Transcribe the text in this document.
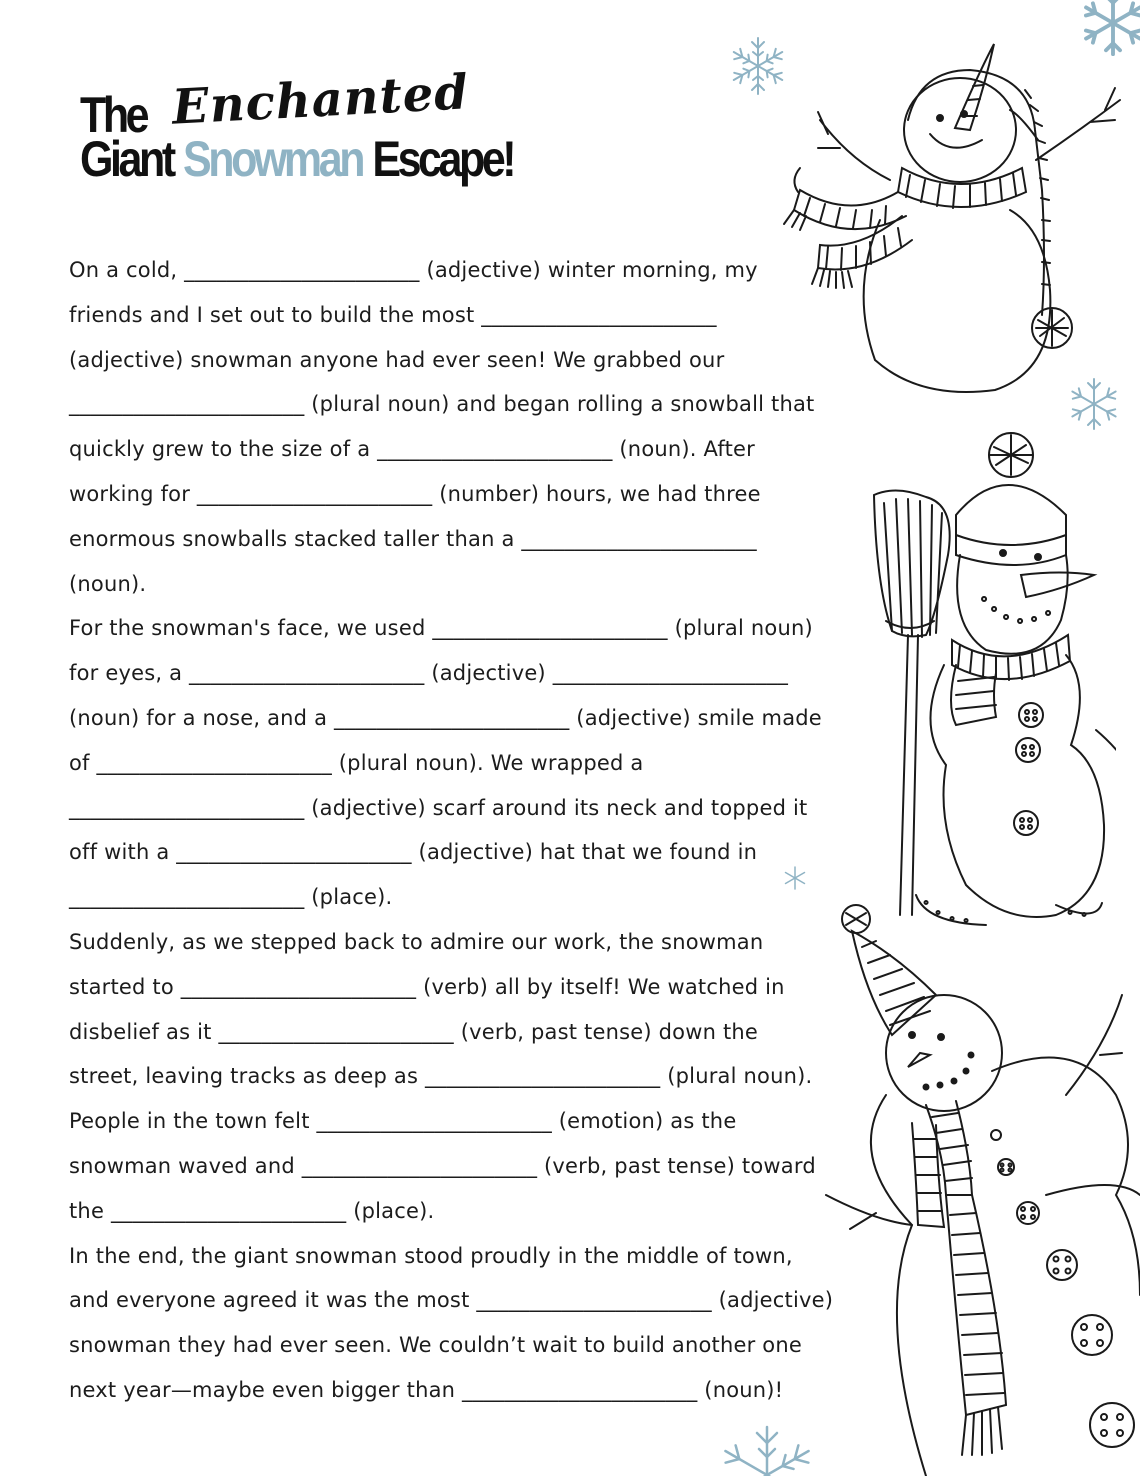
The Enchanted
Giant Snowman Escape!
On a cold, ______________________ (adjective) winter morning, my
friends and I set out to build the most ______________________
(adjective) snowman anyone had ever seen! We grabbed our
______________________ (plural noun) and began rolling a snowball that
quickly grew to the size of a ______________________ (noun). After
working for ______________________ (number) hours, we had three
enormous snowballs stacked taller than a ______________________
(noun).
For the snowman's face, we used ______________________ (plural noun)
for eyes, a ______________________ (adjective) ______________________
(noun) for a nose, and a ______________________ (adjective) smile made
of ______________________ (plural noun). We wrapped a
______________________ (adjective) scarf around its neck and topped it
off with a ______________________ (adjective) hat that we found in
______________________ (place).
Suddenly, as we stepped back to admire our work, the snowman
started to ______________________ (verb) all by itself! We watched in
disbelief as it ______________________ (verb, past tense) down the
street, leaving tracks as deep as ______________________ (plural noun).
People in the town felt ______________________ (emotion) as the
snowman waved and ______________________ (verb, past tense) toward
the ______________________ (place).
In the end, the giant snowman stood proudly in the middle of town,
and everyone agreed it was the most ______________________ (adjective)
snowman they had ever seen. We couldn’t wait to build another one
next year—maybe even bigger than ______________________ (noun)!
